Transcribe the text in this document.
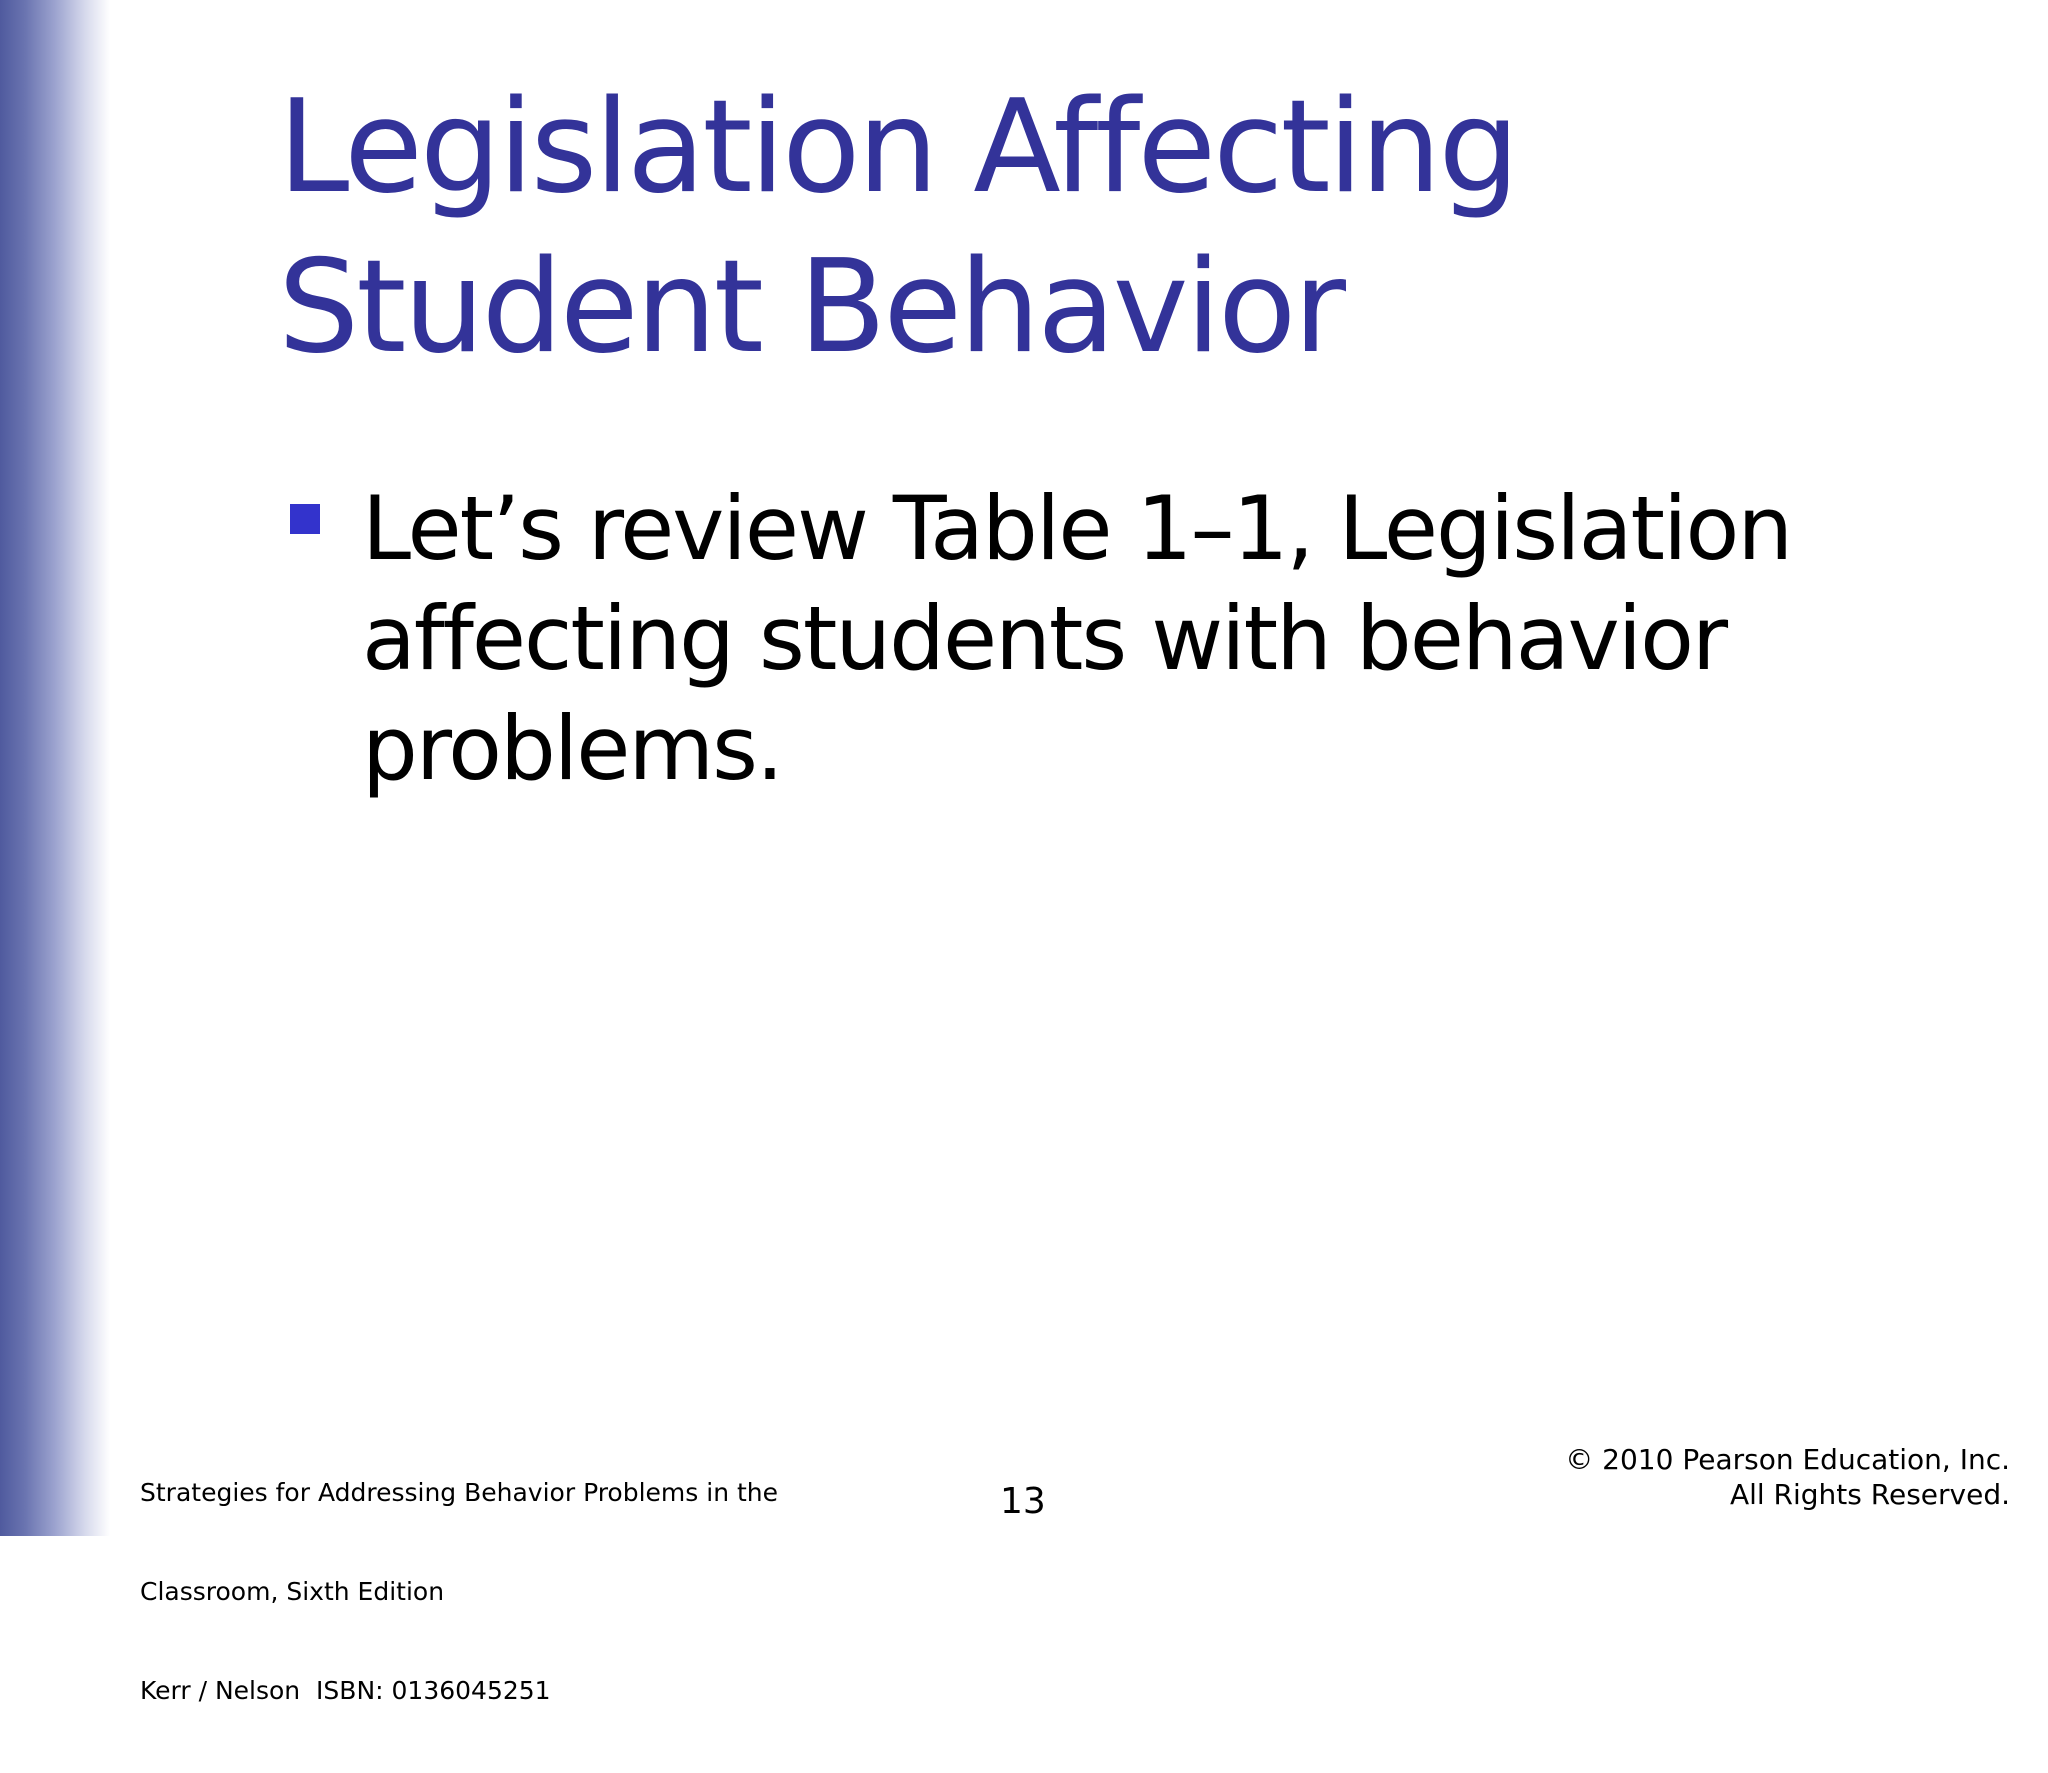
Legislation Affecting
Student Behavior
Let’s review Table 1–1, Legislation
affecting students with behavior
problems.

Strategies for Addressing Behavior Problems in the

Classroom, Sixth Edition

Kerr / Nelson  ISBN: 0136045251

13
© 2010 Pearson Education, Inc.
All Rights Reserved.
